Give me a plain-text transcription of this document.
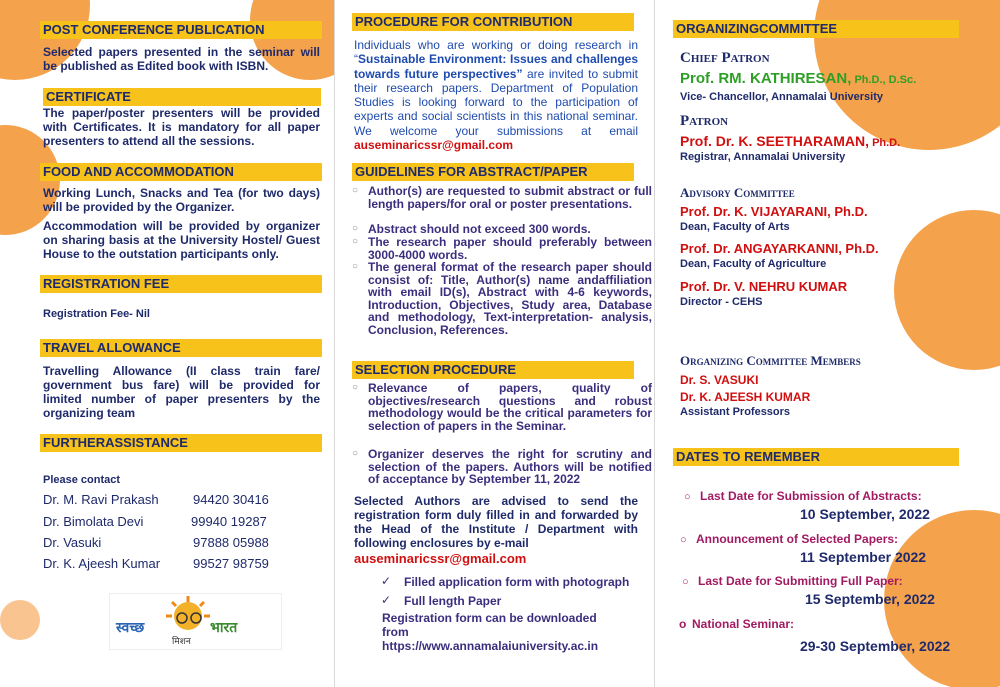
POST CONFERENCE PUBLICATION
Selected papers presented in the seminar will be published as Edited book with ISBN.
CERTIFICATE
The paper/poster presenters will be provided with Certificates. It is mandatory for all paper presenters to attend all the sessions.
FOOD AND ACCOMMODATION
Working Lunch, Snacks and Tea (for two days) will be provided by the Organizer.
Accommodation will be provided by organizer on sharing basis at the University Hostel/ Guest House to the outstation participants only.
REGISTRATION FEE
Registration Fee- Nil
TRAVEL ALLOWANCE
Travelling Allowance (II class train fare/ government bus fare) will be provided for limited number of paper presenters by the organizing team
FURTHERASSISTANCE
Please contact
Dr. M. Ravi Prakash	94420 30416
Dr. Bimolata Devi	99940 19287
Dr. Vasuki	97888 05988
Dr. K. Ajeesh Kumar	99527 98759
स्वच्छ	भारत
मिशन
PROCEDURE FOR CONTRIBUTION
Individuals who are working or doing research in “Sustainable Environment: Issues and challenges towards future perspectives” are invited to submit their research papers. Department of Population Studies is looking forward to the participation of experts and social scientists in this national seminar. We welcome your submissions at email auseminaricssr@gmail.com
GUIDELINES FOR ABSTRACT/PAPER
○ Author(s) are requested to submit abstract or full length papers/for oral or poster presentations.
○ Abstract should not exceed 300 words.
○ The research paper should preferably between 3000-4000 words.
○ The general format of the research paper should consist of: Title, Author(s) name andaffiliation with email ID(s), Abstract with 4-6 keywords, Introduction, Objectives, Study area, Database and methodology, Text-interpretation- analysis, Conclusion, References.
SELECTION PROCEDURE
○ Relevance of papers, quality of objectives/research questions and robust methodology would be the critical parameters for selection of papers in the Seminar.
○ Organizer deserves the right for scrutiny and selection of the papers. Authors will be notified of acceptance by September 11, 2022
Selected Authors are advised to send the registration form duly filled in and forwarded by the Head of the Institute / Department with following enclosures by e-mail
auseminaricssr@gmail.com
✓ Filled application form with photograph
✓ Full length Paper
Registration form can be downloaded from https://www.annamalaiuniversity.ac.in
ORGANIZINGCOMMITTEE
Chief Patron
Prof. RM. KATHIRESAN, Ph.D., D.Sc.
Vice- Chancellor, Annamalai University
Patron
Prof. Dr. K. SEETHARAMAN, Ph.D.
Registrar, Annamalai University
Advisory Committee
Prof. Dr. K. VIJAYARANI, Ph.D.
Dean, Faculty of Arts
Prof. Dr. ANGAYARKANNI, Ph.D.
Dean, Faculty of Agriculture
Prof. Dr. V. NEHRU KUMAR
Director - CEHS
Organizing Committee Members
Dr. S. VASUKI
Dr. K. AJEESH KUMAR
Assistant Professors
DATES TO REMEMBER
○ Last Date for Submission of Abstracts:
10 September, 2022
○ Announcement of Selected Papers:
11 September 2022
○ Last Date for Submitting Full Paper:
15 September, 2022
o National Seminar:
29-30 September, 2022
